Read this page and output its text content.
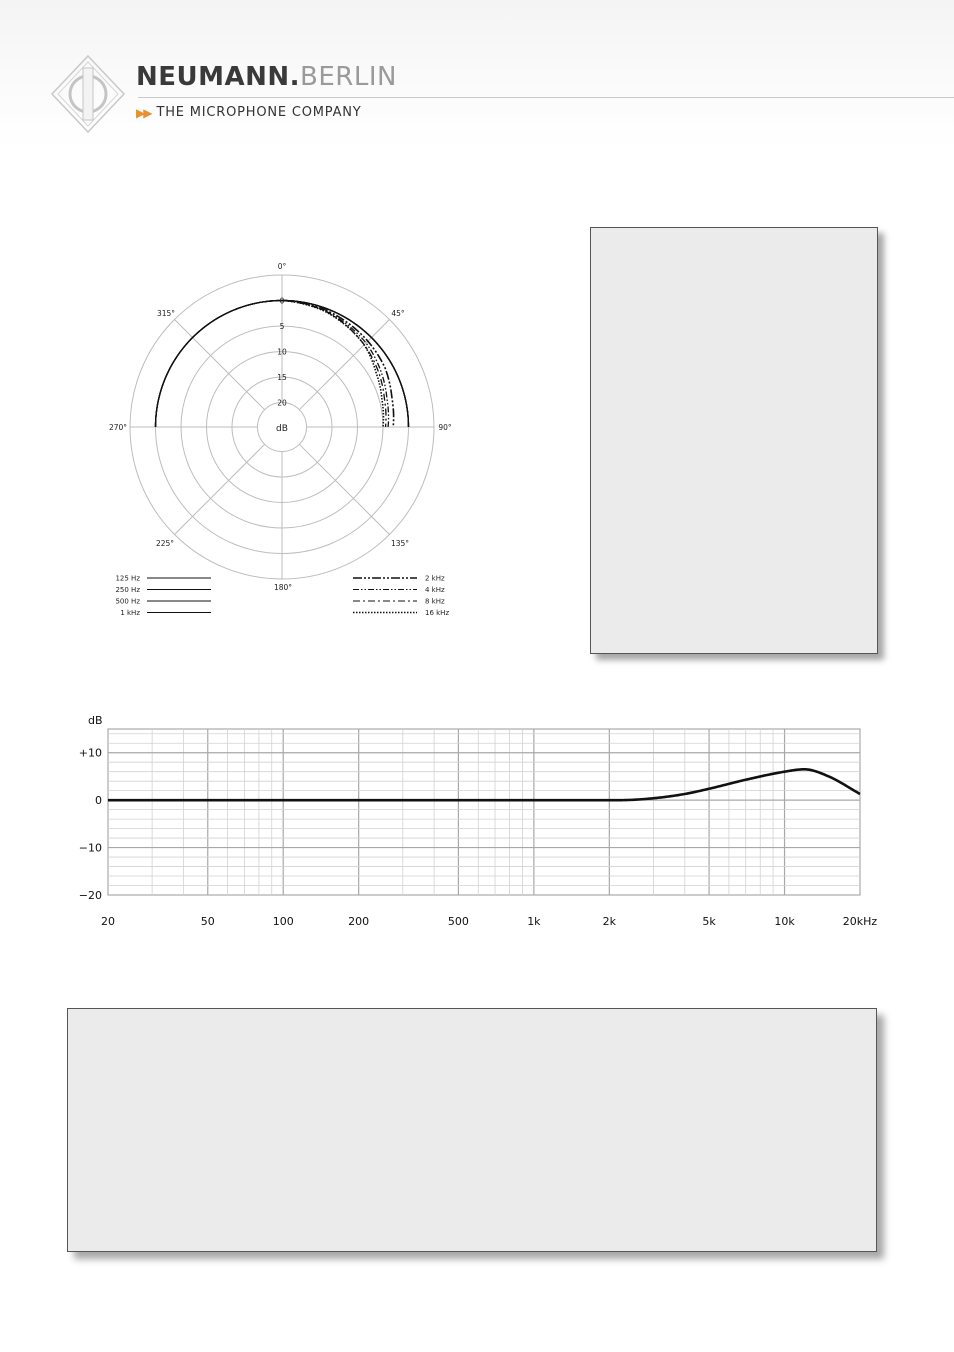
NEUMANN.BERLIN
▶▶ THE MICROPHONE COMPANY
0°
45°
90°
135°
180°
225°
270°
315°
0
5
10
15
20
dB
125 Hz
250 Hz
500 Hz
1 kHz
2 kHz
4 kHz
8 kHz
16 kHz
dB
+10
0
−10
−20
20	50	100	200	500	1k	2k	5k	10k	20kHz
